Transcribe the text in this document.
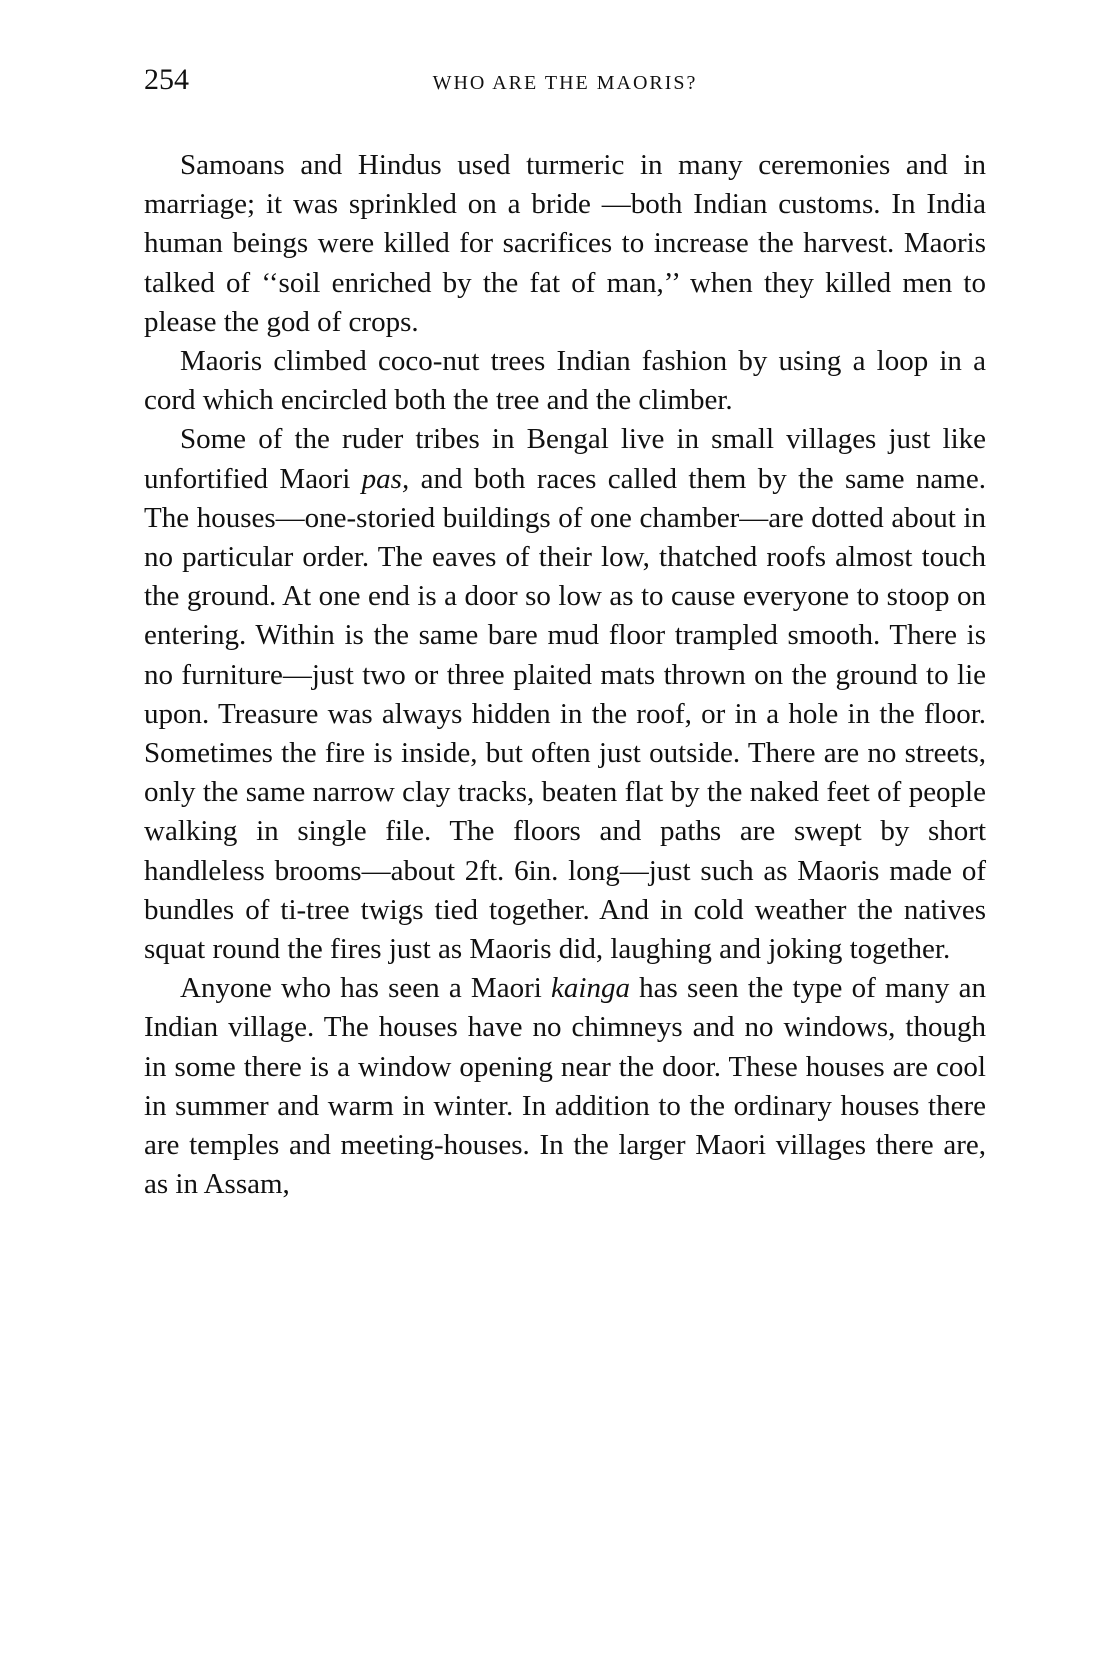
254	WHO ARE THE MAORIS?

Samoans and Hindus used turmeric in many ceremonies and in marriage; it was sprinkled on a bride —both Indian customs. In India human beings were killed for sacrifices to increase the harvest. Maoris talked of ‘‘soil enriched by the fat of man,’’ when they killed men to please the god of crops.

Maoris climbed coco-nut trees Indian fashion by using a loop in a cord which encircled both the tree and the climber.

Some of the ruder tribes in Bengal live in small villages just like unfortified Maori pas, and both races called them by the same name. The houses—one-storied buildings of one chamber—are dotted about in no particular order. The eaves of their low, thatched roofs almost touch the ground. At one end is a door so low as to cause everyone to stoop on entering. Within is the same bare mud floor trampled smooth. There is no furniture—just two or three plaited mats thrown on the ground to lie upon. Treasure was always hidden in the roof, or in a hole in the floor. Sometimes the fire is inside, but often just outside. There are no streets, only the same narrow clay tracks, beaten flat by the naked feet of people walking in single file. The floors and paths are swept by short handleless brooms—about 2ft. 6in. long—just such as Maoris made of bundles of ti-tree twigs tied together. And in cold weather the natives squat round the fires just as Maoris did, laughing and joking together.

Anyone who has seen a Maori kainga has seen the type of many an Indian village. The houses have no chimneys and no windows, though in some there is a window opening near the door. These houses are cool in summer and warm in winter. In addition to the ordinary houses there are temples and meeting-houses. In the larger Maori villages there are, as in Assam,
